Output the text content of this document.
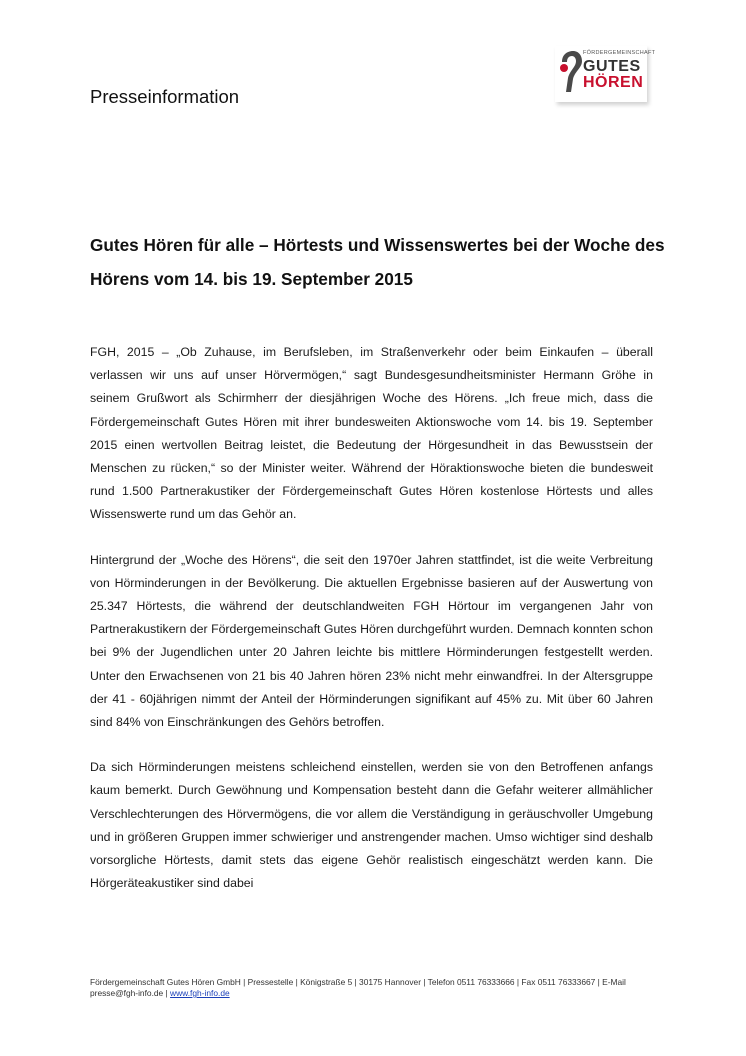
FÖRDERGEMEINSCHAFT
GUTES
HÖREN
Presseinformation
Gutes Hören für alle – Hörtests und Wissenswertes bei der Woche des Hörens vom 14. bis 19. September 2015

FGH, 2015 – „Ob Zuhause, im Berufsleben, im Straßenverkehr oder beim Einkaufen – überall verlassen wir uns auf unser Hörvermögen,“ sagt Bundesgesundheitsminister Hermann Gröhe in seinem Grußwort als Schirmherr der diesjährigen Woche des Hörens. „Ich freue mich, dass die Fördergemeinschaft Gutes Hören mit ihrer bundesweiten Aktionswoche vom 14. bis 19. September 2015 einen wertvollen Beitrag leistet, die Bedeutung der Hörgesundheit in das Bewusstsein der Menschen zu rücken,“ so der Minister weiter. Während der Höraktionswoche bieten die bundesweit rund 1.500 Partnerakustiker der Fördergemeinschaft Gutes Hören kostenlose Hörtests und alles Wissenswerte rund um das Gehör an.

Hintergrund der „Woche des Hörens“, die seit den 1970er Jahren stattfindet, ist die weite Verbreitung von Hörminderungen in der Bevölkerung. Die aktuellen Ergebnisse basieren auf der Auswertung von 25.347 Hörtests, die während der deutschlandweiten FGH Hörtour im vergangenen Jahr von Partnerakustikern der Fördergemeinschaft Gutes Hören durchgeführt wurden. Demnach konnten schon bei 9% der Jugendlichen unter 20 Jahren leichte bis mittlere Hörminderungen festgestellt werden. Unter den Erwachsenen von 21 bis 40 Jahren hören 23% nicht mehr einwandfrei. In der Altersgruppe der 41 - 60jährigen nimmt der Anteil der Hörminderungen signifikant auf 45% zu. Mit über 60 Jahren sind 84% von Einschränkungen des Gehörs betroffen.

Da sich Hörminderungen meistens schleichend einstellen, werden sie von den Betroffenen anfangs kaum bemerkt. Durch Gewöhnung und Kompensation besteht dann die Gefahr weiterer allmählicher Verschlechterungen des Hörvermögens, die vor allem die Verständigung in geräuschvoller Umgebung und in größeren Gruppen immer schwieriger und anstrengender machen. Umso wichtiger sind deshalb vorsorgliche Hörtests, damit stets das eigene Gehör realistisch eingeschätzt werden kann. Die Hörgeräteakustiker sind dabei

Fördergemeinschaft Gutes Hören GmbH | Pressestelle | Königstraße 5 | 30175 Hannover | Telefon 0511 76333666 | Fax 0511 76333667 | E-Mail presse@fgh-info.de | www.fgh-info.de
